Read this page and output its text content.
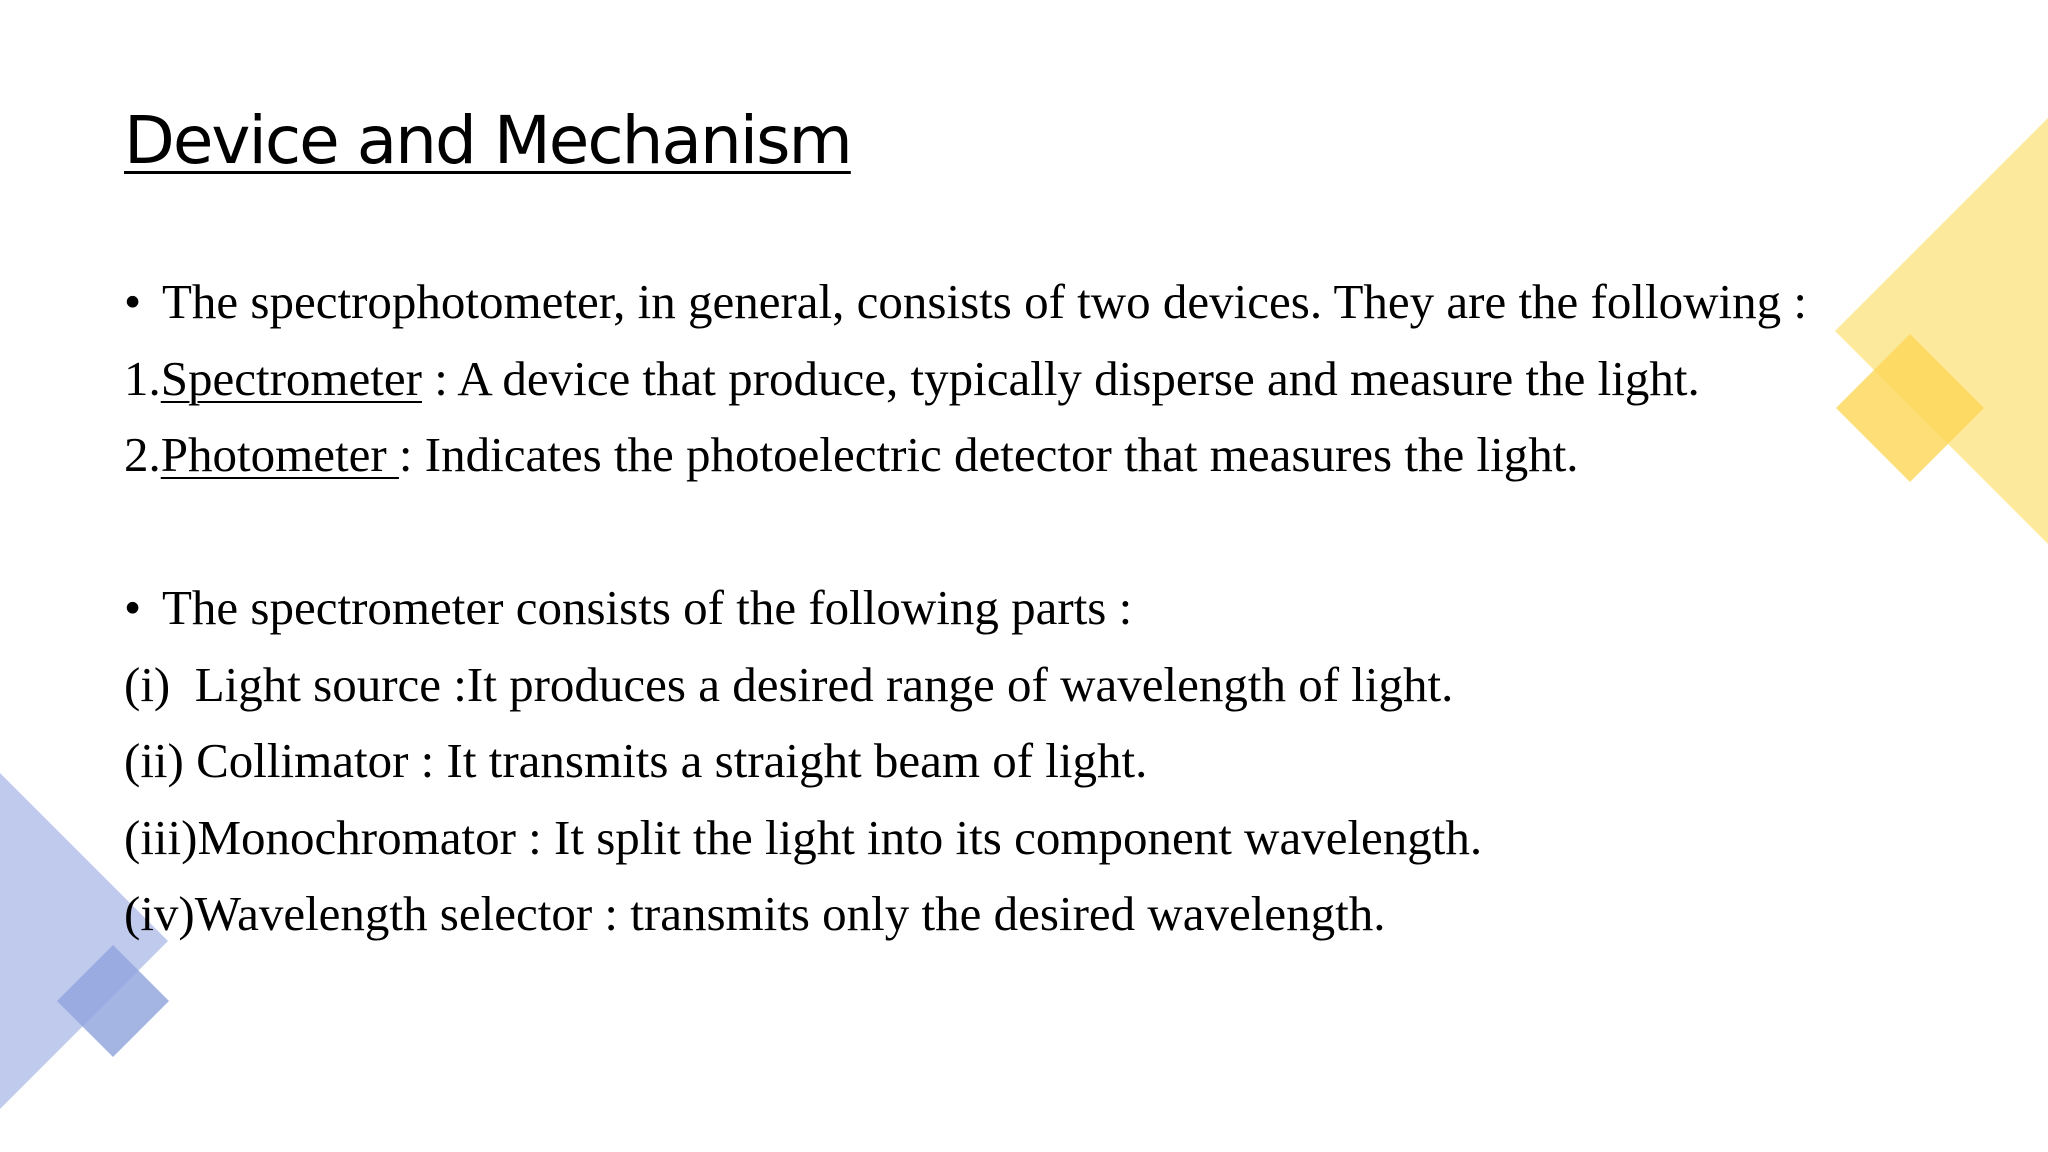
Device and Mechanism
• The spectrophotometer, in general, consists of two devices. They are the following :
1.Spectrometer : A device that produce, typically disperse and measure the light.
2.Photometer : Indicates the photoelectric detector that measures the light.
• The spectrometer consists of the following parts :
(i)  Light source :It produces a desired range of wavelength of light.
(ii) Collimator : It transmits a straight beam of light.
(iii)Monochromator : It split the light into its component wavelength.
(iv)Wavelength selector : transmits only the desired wavelength.
